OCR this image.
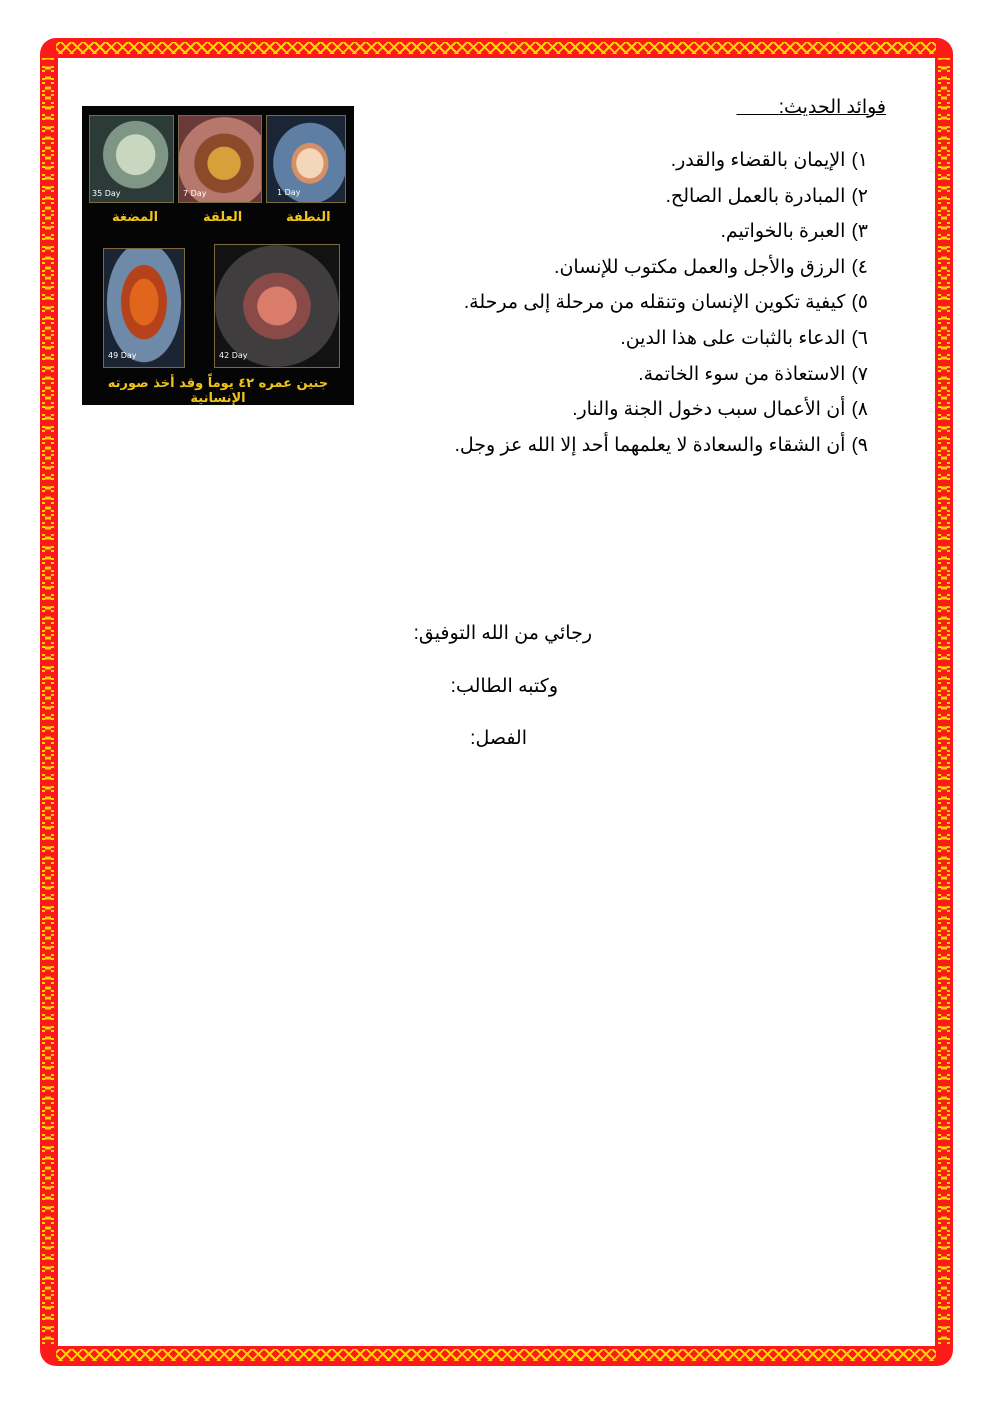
1 Day
7 Day
35 Day
النطفة
العلقة
المضغة
42 Day
49 Day
جنين عمره ٤٢ يوماً وقد أخذ صورته الإنسانية
فوائد الحديث:
١)الإيمان بالقضاء والقدر.
٢)المبادرة بالعمل الصالح.
٣)العبرة بالخواتيم.
٤)الرزق والأجل والعمل مكتوب للإنسان.
٥)كيفية تكوين الإنسان وتنقله من مرحلة إلى مرحلة.
٦)الدعاء بالثبات على هذا الدين.
٧)الاستعاذة من سوء الخاتمة.
٨)أن الأعمال سبب دخول الجنة والنار.
٩)أن الشقاء والسعادة لا يعلمهما أحد إلا الله عز وجل.
رجائي من الله التوفيق:
وكتبه الطالب:
الفصل:
